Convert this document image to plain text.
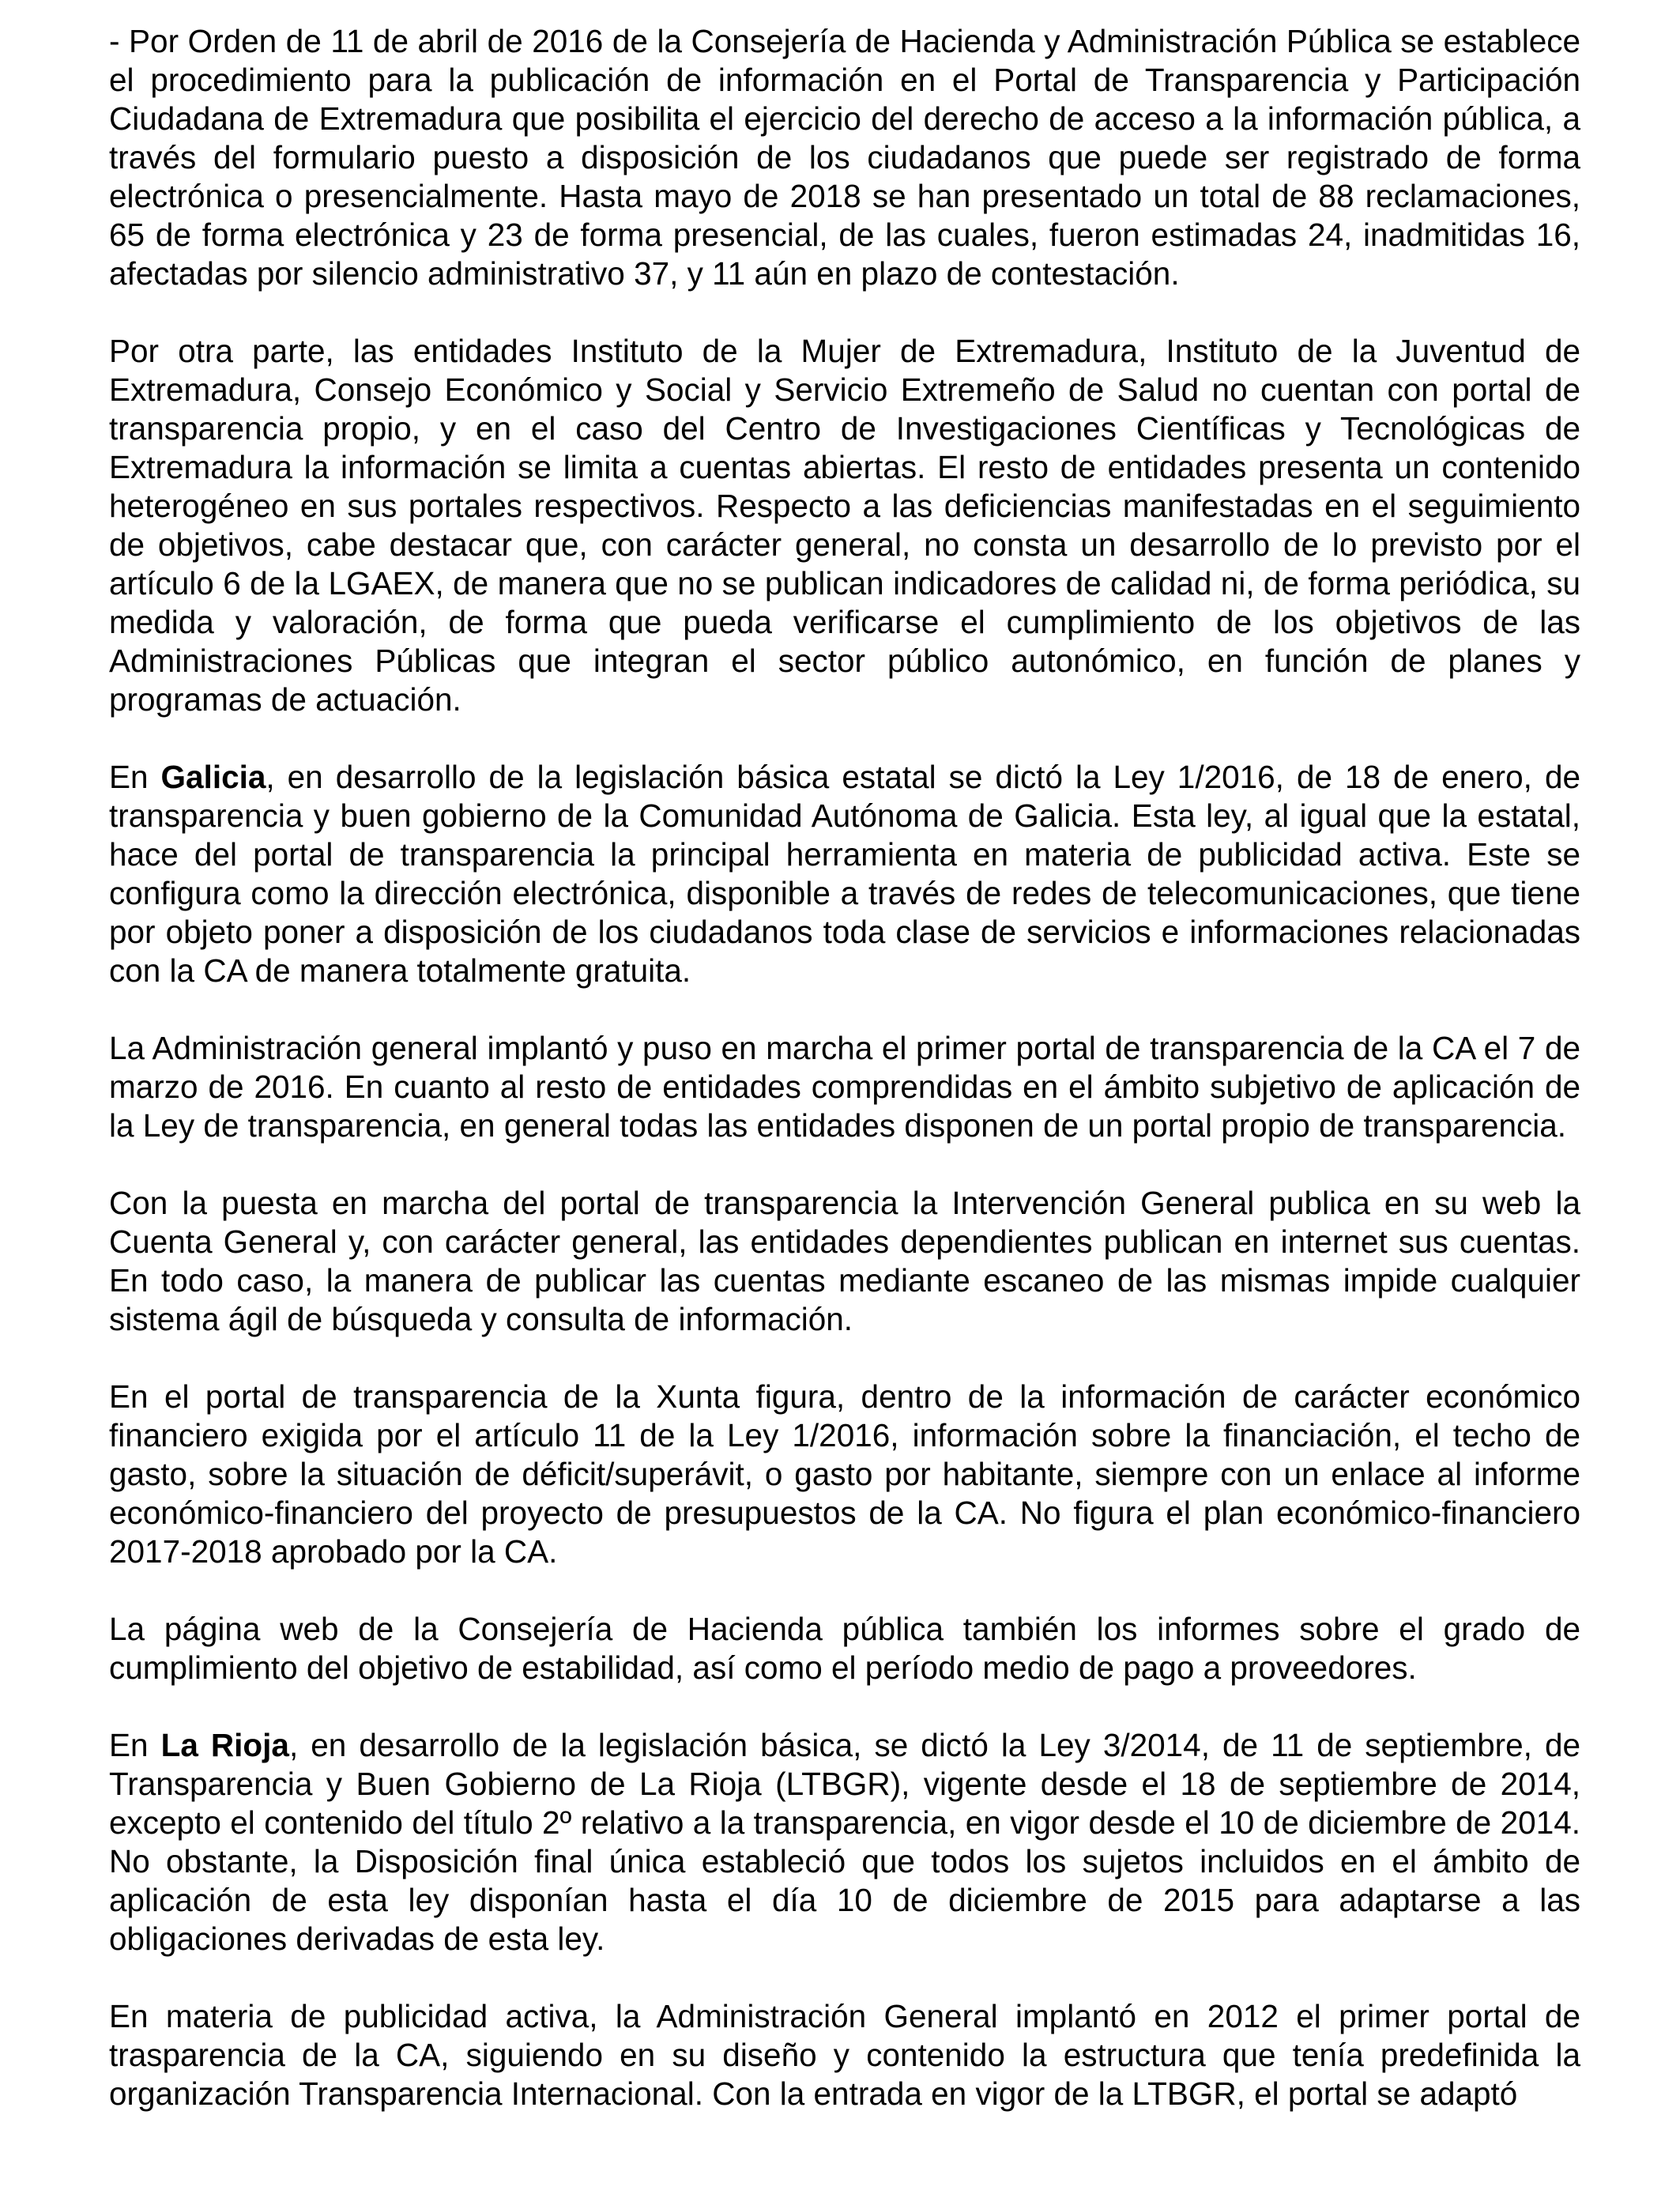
- Por Orden de 11 de abril de 2016 de la Consejería de Hacienda y Administración Pública se establece el procedimiento para la publicación de información en el Portal de Transparencia y Participación Ciudadana de Extremadura que posibilita el ejercicio del derecho de acceso a la información pública, a través del formulario puesto a disposición de los ciudadanos que puede ser registrado de forma electrónica o presencialmente. Hasta mayo de 2018 se han presentado un total de 88 reclamaciones, 65 de forma electrónica y 23 de forma presencial, de las cuales, fueron estimadas 24, inadmitidas 16, afectadas por silencio administrativo 37, y 11 aún en plazo de contestación.

Por otra parte, las entidades Instituto de la Mujer de Extremadura, Instituto de la Juventud de Extremadura, Consejo Económico y Social y Servicio Extremeño de Salud no cuentan con portal de transparencia propio, y en el caso del Centro de Investigaciones Científicas y Tecnológicas de Extremadura la información se limita a cuentas abiertas. El resto de entidades presenta un contenido heterogéneo en sus portales respectivos. Respecto a las deficiencias manifestadas en el seguimiento de objetivos, cabe destacar que, con carácter general, no consta un desarrollo de lo previsto por el artículo 6 de la LGAEX, de manera que no se publican indicadores de calidad ni, de forma periódica, su medida y valoración, de forma que pueda verificarse el cumplimiento de los objetivos de las Administraciones Públicas que integran el sector público autonómico, en función de planes y programas de actuación.

En Galicia, en desarrollo de la legislación básica estatal se dictó la Ley 1/2016, de 18 de enero, de transparencia y buen gobierno de la Comunidad Autónoma de Galicia. Esta ley, al igual que la estatal, hace del portal de transparencia la principal herramienta en materia de publicidad activa. Este se configura como la dirección electrónica, disponible a través de redes de telecomunicaciones, que tiene por objeto poner a disposición de los ciudadanos toda clase de servicios e informaciones relacionadas con la CA de manera totalmente gratuita.

La Administración general implantó y puso en marcha el primer portal de transparencia de la CA el 7 de marzo de 2016. En cuanto al resto de entidades comprendidas en el ámbito subjetivo de aplicación de la Ley de transparencia, en general todas las entidades disponen de un portal propio de transparencia.

Con la puesta en marcha del portal de transparencia la Intervención General publica en su web la Cuenta General y, con carácter general, las entidades dependientes publican en internet sus cuentas. En todo caso, la manera de publicar las cuentas mediante escaneo de las mismas impide cualquier sistema ágil de búsqueda y consulta de información.

En el portal de transparencia de la Xunta figura, dentro de la información de carácter económico financiero exigida por el artículo 11 de la Ley 1/2016, información sobre la financiación, el techo de gasto, sobre la situación de déficit/superávit, o gasto por habitante, siempre con un enlace al informe económico-financiero del proyecto de presupuestos de la CA. No figura el plan económico-financiero 2017-2018 aprobado por la CA.

La página web de la Consejería de Hacienda pública también los informes sobre el grado de cumplimiento del objetivo de estabilidad, así como el período medio de pago a proveedores.

En La Rioja, en desarrollo de la legislación básica, se dictó la Ley 3/2014, de 11 de septiembre, de Transparencia y Buen Gobierno de La Rioja (LTBGR), vigente desde el 18 de septiembre de 2014, excepto el contenido del título 2º relativo a la transparencia, en vigor desde el 10 de diciembre de 2014. No obstante, la Disposición final única estableció que todos los sujetos incluidos en el ámbito de aplicación de esta ley disponían hasta el día 10 de diciembre de 2015 para adaptarse a las obligaciones derivadas de esta ley.

En materia de publicidad activa, la Administración General implantó en 2012 el primer portal de trasparencia de la CA, siguiendo en su diseño y contenido la estructura que tenía predefinida la organización Transparencia Internacional. Con la entrada en vigor de la LTBGR, el portal se adaptó
